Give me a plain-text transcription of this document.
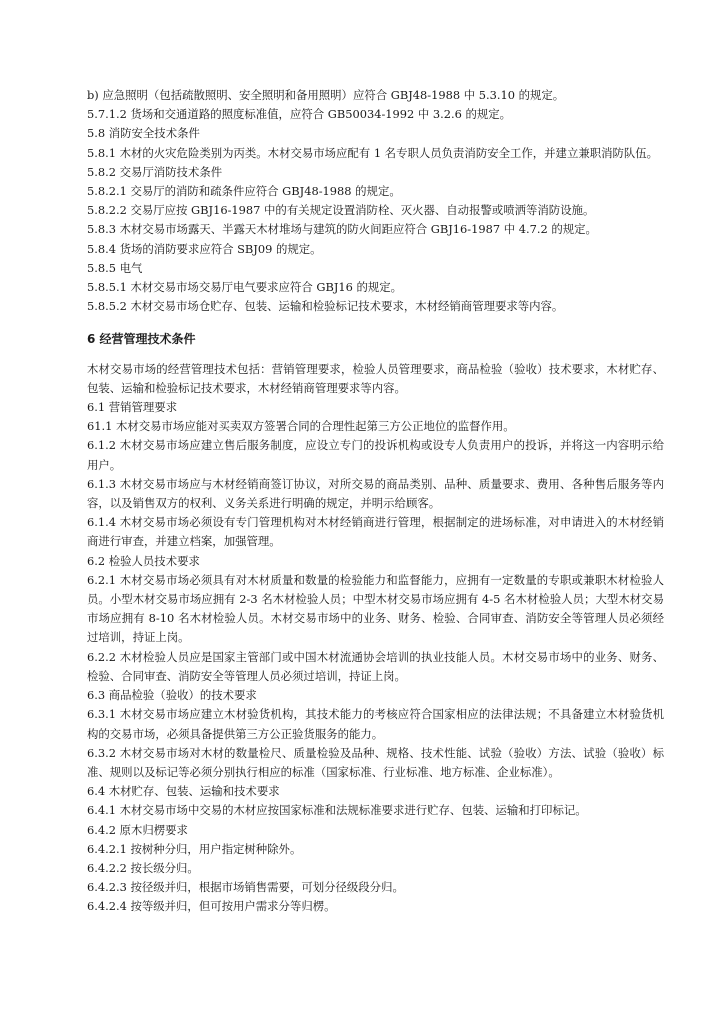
b) 应急照明（包括疏散照明、安全照明和备用照明）应符合 GBJ48-1988 中 5.3.10 的规定。

5.7.1.2 货场和交通道路的照度标准值，应符合 GB50034-1992 中 3.2.6 的规定。

5.8 消防安全技术条件

5.8.1 木材的火灾危险类别为丙类。木材交易市场应配有 1 名专职人员负责消防安全工作，并建立兼职消防队伍。

5.8.2 交易厅消防技术条件

5.8.2.1 交易厅的消防和疏条件应符合 GBJ48-1988 的规定。

5.8.2.2 交易厅应按 GBJ16-1987 中的有关规定设置消防栓、灭火器、自动报警或喷洒等消防设施。

5.8.3 木材交易市场露天、半露天木材堆场与建筑的防火间距应符合 GBJ16-1987 中 4.7.2 的规定。

5.8.4 货场的消防要求应符合 SBJ09 的规定。

5.8.5 电气

5.8.5.1 木材交易市场交易厅电气要求应符合 GBJ16 的规定。

5.8.5.2 木材交易市场仓贮存、包装、运输和检验标记技术要求，木材经销商管理要求等内容。

6 经营管理技术条件

木材交易市场的经营管理技术包括：营销管理要求，检验人员管理要求，商品检验（验收）技术要求，木材贮存、包装、运输和检验标记技术要求，木材经销商管理要求等内容。

6.1 营销管理要求

61.1 木材交易市场应能对买卖双方签署合同的合理性起第三方公正地位的监督作用。

6.1.2 木材交易市场应建立售后服务制度，应设立专门的投诉机构或设专人负责用户的投诉，并将这一内容明示给用户。

6.1.3 木材交易市场应与木材经销商签订协议，对所交易的商品类别、品种、质量要求、费用、各种售后服务等内容，以及销售双方的权利、义务关系进行明确的规定，并明示给顾客。

6.1.4 木材交易市场必须设有专门管理机构对木材经销商进行管理，根据制定的进场标准，对申请进入的木材经销商进行审查，并建立档案，加强管理。

6.2 检验人员技术要求

6.2.1 木材交易市场必须具有对木材质量和数量的检验能力和监督能力，应拥有一定数量的专职或兼职木材检验人员。小型木材交易市场应拥有 2-3 名木材检验人员；中型木材交易市场应拥有 4-5 名木材检验人员；大型木材交易市场应拥有 8-10 名木材检验人员。木材交易市场中的业务、财务、检验、合同审查、消防安全等管理人员必须经过培训，持证上岗。

6.2.2 木材检验人员应是国家主管部门或中国木材流通协会培训的执业技能人员。木材交易市场中的业务、财务、检验、合同审查、消防安全等管理人员必须过培训，持证上岗。

6.3 商品检验（验收）的技术要求

6.3.1 木材交易市场应建立木材验货机构，其技术能力的考核应符合国家相应的法律法规；不具备建立木材验货机构的交易市场，必须具备提供第三方公正验货服务的能力。

6.3.2 木材交易市场对木材的数量检尺、质量检验及品种、规格、技术性能、试验（验收）方法、试验（验收）标准、规则以及标记等必须分别执行相应的标准（国家标准、行业标准、地方标准、企业标准）。

6.4 木材贮存、包装、运输和技术要求

6.4.1 木材交易市场中交易的木材应按国家标准和法规标准要求进行贮存、包装、运输和打印标记。

6.4.2 原木归楞要求

6.4.2.1 按树种分归，用户指定树种除外。

6.4.2.2 按长级分归。

6.4.2.3 按径级并归，根据市场销售需要，可划分径级段分归。

6.4.2.4 按等级并归，但可按用户需求分等归楞。
